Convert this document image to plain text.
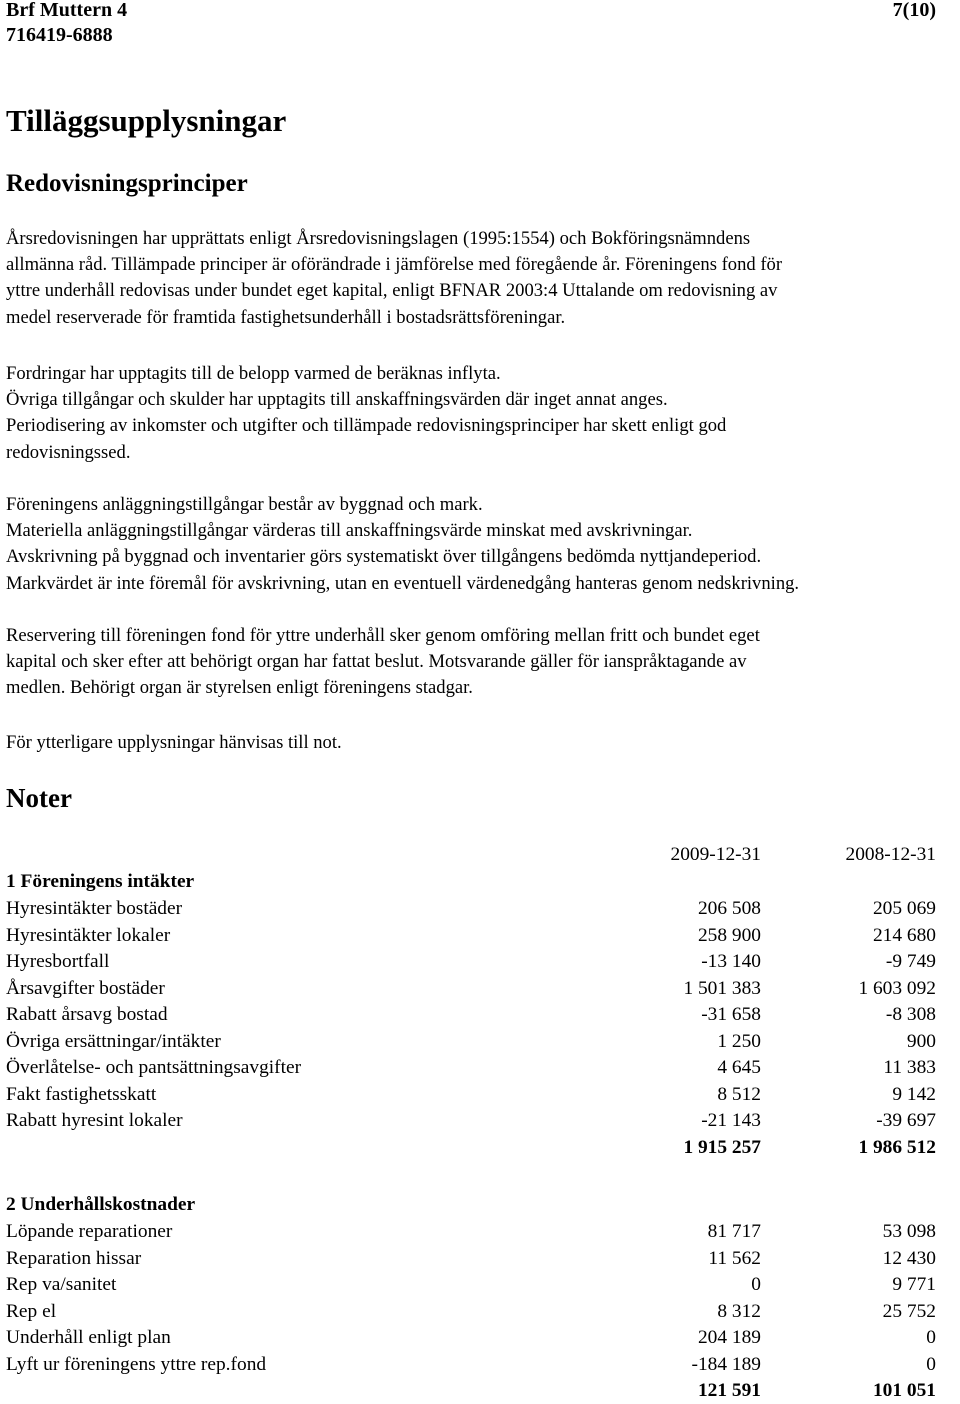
Brf Muttern 4
716419-6888
7(10)
Tilläggsupplysningar
Redovisningsprinciper
Årsredovisningen har upprättats enligt Årsredovisningslagen (1995:1554) och Bokföringsnämndens
allmänna råd. Tillämpade principer är oförändrade i jämförelse med föregående år. Föreningens fond för
yttre underhåll redovisas under bundet eget kapital, enligt BFNAR 2003:4 Uttalande om redovisning av
medel reserverade för framtida fastighetsunderhåll i bostadsrättsföreningar.
Fordringar har upptagits till de belopp varmed de beräknas inflyta.
Övriga tillgångar och skulder har upptagits till anskaffningsvärden där inget annat anges.
Periodisering av inkomster och utgifter och tillämpade redovisningsprinciper har skett enligt god
redovisningssed.
Föreningens anläggningstillgångar består av byggnad och mark.
Materiella anläggningstillgångar värderas till anskaffningsvärde minskat med avskrivningar.
Avskrivning på byggnad och inventarier görs systematiskt över tillgångens bedömda nyttjandeperiod.
Markvärdet är inte föremål för avskrivning, utan en eventuell värdenedgång hanteras genom nedskrivning.
Reservering till föreningen fond för yttre underhåll sker genom omföring mellan fritt och bundet eget
kapital och sker efter att behörigt organ har fattat beslut. Motsvarande gäller för ianspråktagande av
medlen. Behörigt organ är styrelsen enligt föreningens stadgar.
För ytterligare upplysningar hänvisas till not.
Noter
2009-12-31	2008-12-31
1 Föreningens intäkter
Hyresintäkter bostäder	206 508	205 069
Hyresintäkter lokaler	258 900	214 680
Hyresbortfall	-13 140	-9 749
Årsavgifter bostäder	1 501 383	1 603 092
Rabatt årsavg bostad	-31 658	-8 308
Övriga ersättningar/intäkter	1 250	900
Överlåtelse- och pantsättningsavgifter	4 645	11 383
Fakt fastighetsskatt	8 512	9 142
Rabatt hyresint lokaler	-21 143	-39 697
1 915 257	1 986 512
2 Underhållskostnader
Löpande reparationer	81 717	53 098
Reparation hissar	11 562	12 430
Rep va/sanitet	0	9 771
Rep el	8 312	25 752
Underhåll enligt plan	204 189	0
Lyft ur föreningens yttre rep.fond	-184 189	0
121 591	101 051
